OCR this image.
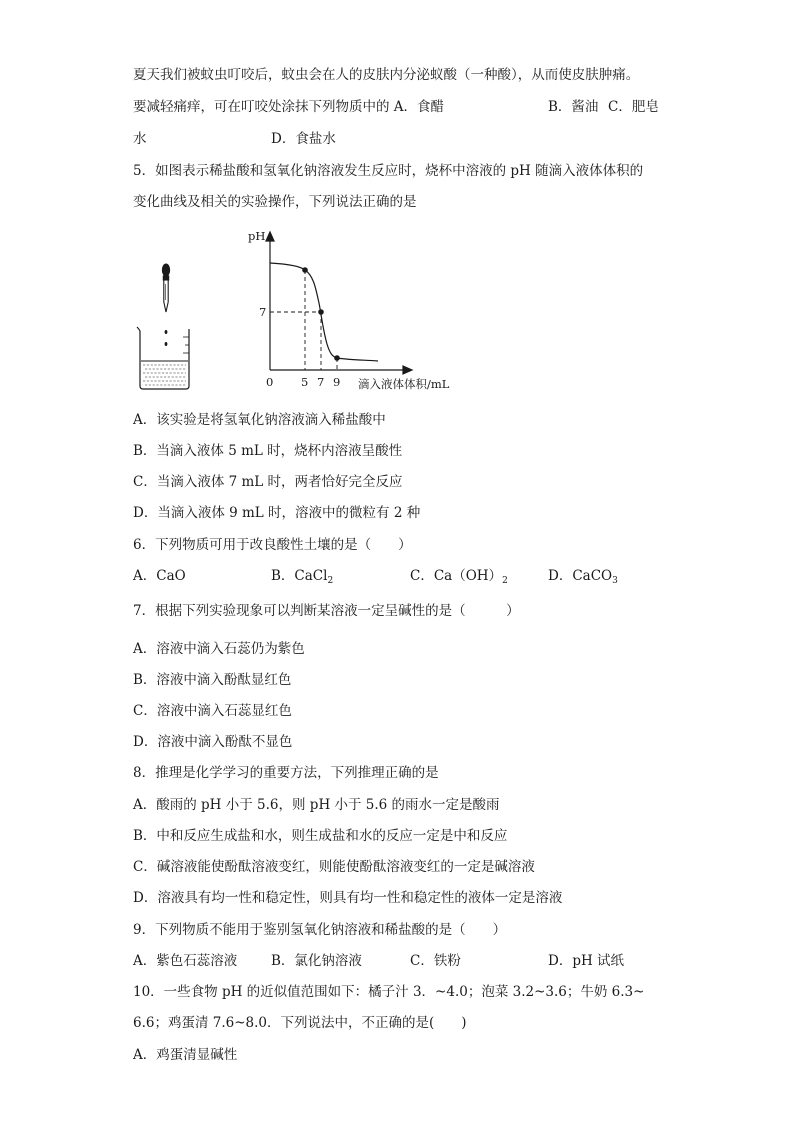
夏天我们被蚊虫叮咬后，蚊虫会在人的皮肤内分泌蚁酸（一种酸），从而使皮肤肿痛。
要减轻痛痒，可在叮咬处涂抹下列物质中的 A．食醋	B．酱油 C．肥皂
水	D．食盐水
5．如图表示稀盐酸和氢氧化钠溶液发生反应时，烧杯中溶液的 pH 随滴入液体体积的
变化曲线及相关的实验操作，下列说法正确的是
pH
7
0 5 7 9 滴入液体体积/mL
A．该实验是将氢氧化钠溶液滴入稀盐酸中
B．当滴入液体 5 mL 时，烧杯内溶液呈酸性
C．当滴入液体 7 mL 时，两者恰好完全反应
D．当滴入液体 9 mL 时，溶液中的微粒有 2 种
6．下列物质可用于改良酸性土壤的是（　　）
A．CaO	B．CaCl$_2$	C．$Ca(OH)_2$	D．CaCO$_3$
7．根据下列实验现象可以判断某溶液一定呈碱性的是（　　　）
A．溶液中滴入石蕊仍为紫色
B．溶液中滴入酚酞显红色
C．溶液中滴入石蕊显红色
D．溶液中滴入酚酞不显色
8．推理是化学学习的重要方法，下列推理正确的是
A．酸雨的 pH 小于 5.6，则 pH 小于 5.6 的雨水一定是酸雨
B．中和反应生成盐和水，则生成盐和水的反应一定是中和反应
C．碱溶液能使酚酞溶液变红，则能使酚酞溶液变红的一定是碱溶液
D．溶液具有均一性和稳定性，则具有均一性和稳定性的液体一定是溶液
9．下列物质不能用于鉴别氢氧化钠溶液和稀盐酸的是（　　）
A．紫色石蕊溶液	B．氯化钠溶液	C．铁粉	D．pH 试纸
10．一些食物 pH 的近似值范围如下：橘子汁 3．~4.0；泡菜 3.2~3.6；牛奶 6.3~
6.6；鸡蛋清 7.6~8.0．下列说法中，不正确的是(　　)
A．鸡蛋清显碱性
